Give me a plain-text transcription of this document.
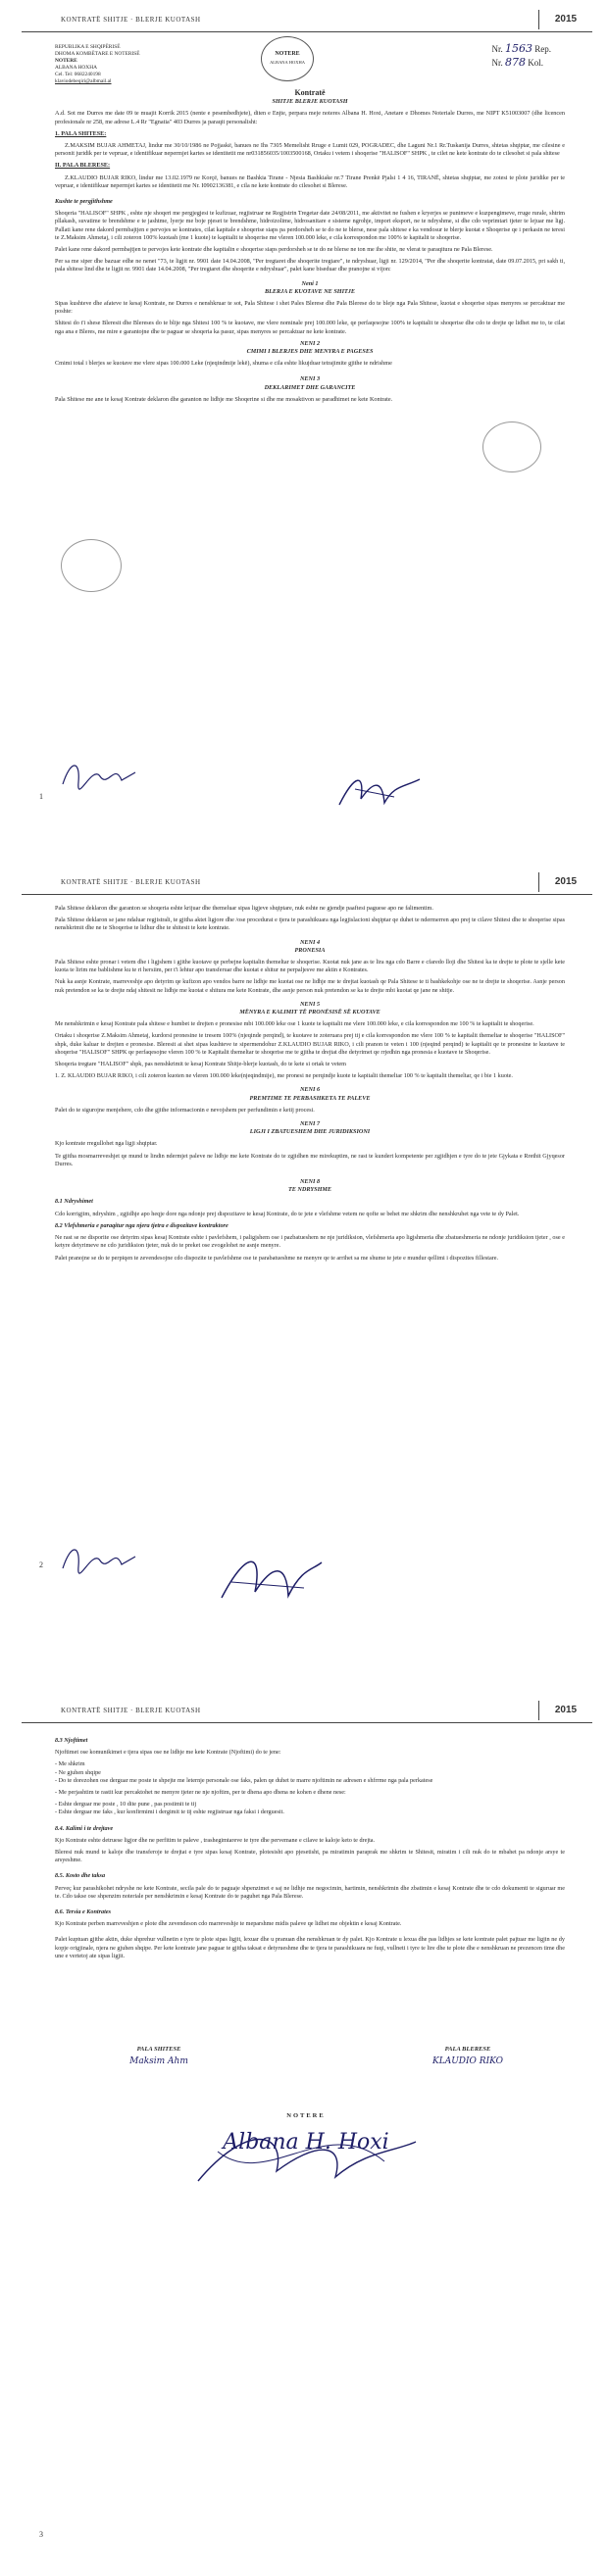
KONTRATË SHITJE · BLERJE KUOTASH	2015
REPUBLIKA E SHQIPËRISË
DHOMA KOMBËTARE E NOTERISË
NOTERE
ALBANA HOXHA
Cel. Tel: 0682240198
klaviodebeqiri@albmail.al
NOTERE
ALBANA HOXHA
Nr. 1563 Rep.
Nr. 878 Kol.

Kontratë

SHITJE BLERJE KUOTASH

A.d. Sot me Durres me date 09 te muajit Korrik 2015 (nente e pesembedhjete), diten e Enjte, perpara meje noteres Albana H. Hoxi, Anetare e Dhomes Noteriale Durres, me NIPT K51003007 (dhe licencen profesionale nr 258, me adrese L.4 Rr "Egnatia" 403 Durres ja paraqit personalisht:

1. PALA SHITESE:

Z.MAKSIM BUJAR AHMETAJ, lindur me 30/10/1986 ne Pojjaskë, banues ne Ihs 7305 Memelisht Rruge e Lumit 029, POGRADEC, dhe Laguni Nr.1 Rr.Tuskanija Durres, shtetas shqiptar, me cilesine e personit juridik per te vepruar, e identifikuar nepermjet kartes se identitetit me nr031856035/1003500168, Ortaku i vetem i shoqerise "HALISOF" SHPK , te cilet ne kete kontrate do te cilesohet si pala shitese

II. PALA BLERESE:

Z.KLAUDIO BUJAR RIKO, lindur me 13.02.1979 ne Korçë, banues ne Bashkia Tirane - Njesia Bashkiake nr.7 Tirane Prenkë Pjalsi 1 4 16, TIRANË, shtetas shqiptar, me zotesi te plote juridike per te vepruar, e identifikuar nepermjet kartes se identitetit me Nr. I0902136381, e cila ne kete kontrate do cilesohet si Blerese.

Kushte te pergjithshme

Shoqeria "HALISOF" SHPK , eshte nje shoqeri me pergjegjesi te kufizuar, regjistruar ne Regjistrin Tregetar date 24/08/2011, me aktivitet ne fushen e kryerjes se punimeve e kuzpengimeve, rruge rurale, shtrim pllakash, suvatime te brendshme e te jashtme, lyerje me boje pjeset te brendshme, hidroizolime, hidrosanitare e sisteme ngrohje, import eksport, ne te ndryshme, si dhe cdo veprimtari tjeter te lejuar me ligj. Pallati kane rene dakord permbajtjen e pervojes se kontrates, cilat kapitale e shoqerise siaps pa perdorsheh se te do ne te blerse, nese pala shitese e ka vendosur te blerje kuotat e Shoqerise qe i perkasin ne teresi te Z.Maksim Ahmetaj, i cili zoteron 100% kuotash (me 1 kuote) te kapitalit te shoqerise me vleren 100.000 leke, e cila korrespondon me 100% te kapitalit te shoqerise.

Palet kane rene dakord permbajtjen te pervojes kete kontrate dhe kapitalin e shoqerise siaps perdorsheh se te do ne blerse ne ton me ihe shite, ne vlerat te paraqitura ne Pala Blerese.

Per sa me siper dhe bazuar edhe ne nenet "73, te ligjit nr. 9901 date 14.04.2008, "Per tregtaret dhe shoqerite tregtare", te ndryshuar, ligji nr. 129/2014, "Per dhe shoqerite kontratat, date 09.07.2015, pri sakh ti, pala shitese lind dhe te ligjit nr. 9901 date 14.04.2008, "Per tregtaret dhe shoqerite e ndryshuar", palet kane biseduar dhe pranojne si vijon:

Neni 1

BLERJA E KUOTAVE NE SHITJE

Sipas kushteve dhe afateve te kesaj Kontrate, ne Durres e nenshkruar te sot, Pala Shitese i shet Pales Blerese dhe Pala Blerese do te bleje nga Pala Shitese, kuotat e shoqerise sipas menyres se percaktuar me poshte:

Shitesi do t'i shese Bleresit dhe Blereses do te blije nga Shitesi 100 % te kuotave, me vlere nominale prej 100.000 leke, qe perfaqesojne 100% te kapitalit te shoqerise dhe cdo te drejte qe lidhet me to, te cilat nga ana e Bleres, me mire e garantojne dhe te paguar se shoqeria ka pasur, sipas menyres se percaktuar ne kete kontrate.

NENI 2

CMIMI I BLERJES DHE MENYRA E PAGESES

Cmimi total i blerjes se kuotave me vlere sipas 100.000 Leke (njeqindmije lekë), shuma e cila eshte likujduar tetrajimite gjithe te ndrishme

NENI 3

DEKLARIMET DHE GARANCITE

Pala Shitese me ane te kesaj Kontrate deklaron dhe garanton ne lidhje me Shoqerine si dhe me mosaktivon se paradhimet ne kete Kontrate.

1
KONTRATË SHITJE · BLERJE KUOTASH	2015

Pala Shitese deklaron dhe garanton se shoqeria eshte krijuar dhe themeluar sipas ligjeve shqiptare, nuk eshte ne gjendje paaftesi paguese apo ne falimentim.

Pala Shitese deklaron se jane ndaluar regjistrali, te gjitha aktet ligjore dhe /ose procedurat e tjera te parashikuara nga legjislacioni shqiptar qe duhet te ndermerren apo prej te cilave Shitesi dhe te shoqerise sipas nenshkrimit dhe ne te Shoqerise te lidhur dhe te shitesit te kete kontrate.

NENI 4

PRONESIA

Pala Shitese eshte pronar i vetem dhe i ligjshem i gjithe kuotave qe perbejne kapitalin themeltar te shoqerise. Kuotat nuk jane as te lira nga cdo Barre e cfaredo lloji dhe Shitesi ka te drejte te plote te sjelle kete kuota te lirim me bablishme ku te ri hersiim, per t'i lehtur apo transferuar dhe kuotat e shitur ne perpaljesve me aktin e Kontrates.

Nuk ka asnje Kontrate, marreveshje apo detyrim qe kufizon apo vendos barre ne lidhje me kuotat ose ne lidhje me te drejtat kuotash qe Pala Shitese te ti bashkekohje ose ne te drejte te shoqerise. Asnje person nuk pretendon se ka te drejte ndaj shitesit ne lidhje me kuotat e shitura me kete Kontrate, dhe asnje person nuk pretendon se ka te drejte mbi kuotat qe jane ne shitje.

NENI 5

MËNYRA E KALIMIT TË PRONËSISË SË KUOTAVE

Me nenshkrimin e kesaj Kontrate pala shitese e humbet te drejten e pronesise mbi 100.000 leke ose 1 kuote te kapitalit me vlere 100.000 leke, e cila korrespondon me 100 % te kapitalit te shoqerise.

Ortaku i shoqerise Z.Maksim Ahmetaj, kurdorsi pronesine te tresem 100% (njeqinde perqind), te kuotave te zoteruara prej tij e cila korrespondon me vlere 100 % te kapitalit themeltar te shoqerise "HALISOF" shpk, duke kaluar te drejten e pronesise. Bleresit ai shet sipas kushteve te sipermendohur Z.KLAUDIO BUJAR RIKO, i cili pranon te veten i 100 (njeqind perqind) te kapitalit qe te pronesine te kuotave te shoqerise "HALISOF" SHPK qe perfaqesojne vleren 100 % te Kapitalit themeltar te shoqerise me te gjitha te drejtat dhe detyrimet qe rrjedhin nga pronesia e kuotave te Shoqerise.

Shoqeria tregtare "HALISOF" shpk, pas nenshkrimit te kesaj Kontrate Shitje-blerje kuotash, do te kete si ortak te vetem

1. Z. KLAUDIO BUJAR RIKO, i cili zoteron kuoten ne vleren 100.000 leke(njeqindmije), me pronesi ne perqindje kuote te kapitalit themeltar 100 % te kapitalit themeltar, qe i bie 1 kuote.

NENI 6

PREMTIME TE PERBASHKETA TE PALEVE

Palet do te sigurojne menjehere, cdo dhe gjithe informacionin e nevojshem per perfundimin e ketij procesi.

NENI 7

LIGJI I ZBATUESHEM DHE JURIDIKSIONI

Kjo kontrate rregullohet nga ligji shqiptar.

Te gjitha mosmarreveshjet qe mund te lindin ndermjet paleve ne lidhje me kete Kontrate do te zgjidhen me mirekuptim, ne rast te kundert kompetente per zgjidhjen e tyre do te jete Gjykata e Rrethit Gjyqesor Durres.

NENI 8

TE NDRYSHME

8.1 Ndryshimet

Cdo korrigjim, ndryshim , zgjidhje apo heqje dore nga ndonje prej dispozitave te kesaj Kontrate, do te jete e vlefshme vetem ne qofte se behet me shkrim dhe nenshkruhet nga vete te dy Palet.

8.2 Vlefshmeria e paraqitur nga njera tjetra e dispozitave kontraktore

Ne rast se ne disporite ose detyrim sipas kesaj Kontrate eshte i pavlefshem, i paligjshem ose i pazbatueshem ne nje juridiksion, vlefshmeria apo ligjshmeria dhe zbatueshmeria ne ndonje juridiksion tjeter , ose e ketyre detyrimeve ne cdo juridiksion tjeter, nuk do te preket ose zvogelohet ne asnje menyre.

Palet pranojne se do te perpiqen te zevendesojne cdo dispozite te pavlefshme ose te parabatueshme ne menyre qe te arrihet sa me shume te jete e mundur qellimi i dispozites fillestare.

2
KONTRATË SHITJE · BLERJE KUOTASH	2015

8.3 Njoftimet

Njoftimet ose komunikimet e tjera sipas ose ne lidhje me kete Kontrate (Njoftimi) do te jene:

- Me shkrim

- Ne gjuhen shqipe

- Do te dorezohen ose derguar me poste te shpejte me leternje personale ose faks, palen qe duhet te marre njoftimin ne adresen e shfrrme nga pala perkatese

- Me perjashtim te rastit kur percaktohet ne menyre tjeter ne nje njoftim, per te dhena apo dhena ne kohen e dhene nese:

- Eshte derguar me poste , 10 dite pune , pas postimit te tij

- Eshte derguar me faks , kur konfirmimi i dergimit te tij eshte regjistruar nga faksi i derguesit.

8.4. Kalimi i te drejtave

Kjo Kontrate eshte detruese ligjor dhe ne perfitim te paleve , trashegimtareve te tyre dhe pervemane e cilave te kaloje keto te drejta.

Bleresi nuk mund te kaloje dhe transferoje te drejtat e tyre sipas kesaj Kontrate, plotesisht apo pjesetisht, pa miratimin paraprak me shkrim te Shitesit, miratim i cili nuk do te mbahet pa ndonje arsye te arsyeshme.

8.5. Kosto dhe taksa

Perveç kur parashikohet ndryshe ne kete Kontrate, secila pale do te paguaje shpenzimet e saj ne lidhje me negocimin, hartimin, nenshkrimin dhe zbatimin e kesaj Kontrate dhe te cdo dokumenti te siguruar me te. Cdo takse ose shpenzim noteriale per nenshkrimin e kesaj Kontrate do te paguhet nga Pala Blerese.

8.6. Tersia e Kontrates

Kjo Kontrate perben marreveshjen e plote dhe zevendeson cdo marreveshje te meparshme midis paleve qe lidhet me objektin e kesaj Kontrate.

Palet kuptuan gjithe aktin, duke shprehur vullnetin e tyre te plote sipas ligjit, lexuar dhe u pranuan dhe nenshkruan te dy palet. Kjo Kontrate u lexua dhe pas lidhjes se kete kontrate palet pajtuar me ligjin ne dy kopje origjinale, njera ne gjuhen shqipe. Per kete kontrate jane paguar te gjitha taksat e detyrueshme dhe te tjera te parashikuara ne fuqi, vullneti i tyre te lire dhe te plote dhe e nenshkruan ne prezencen time dhe une e vertetoj ate sipas ligjit.

PALA SHITESE
Maksim Ahm
PALA BLERESE
KLAUDIO RIKO
NOTERE
Albana H. Hoxi
3
